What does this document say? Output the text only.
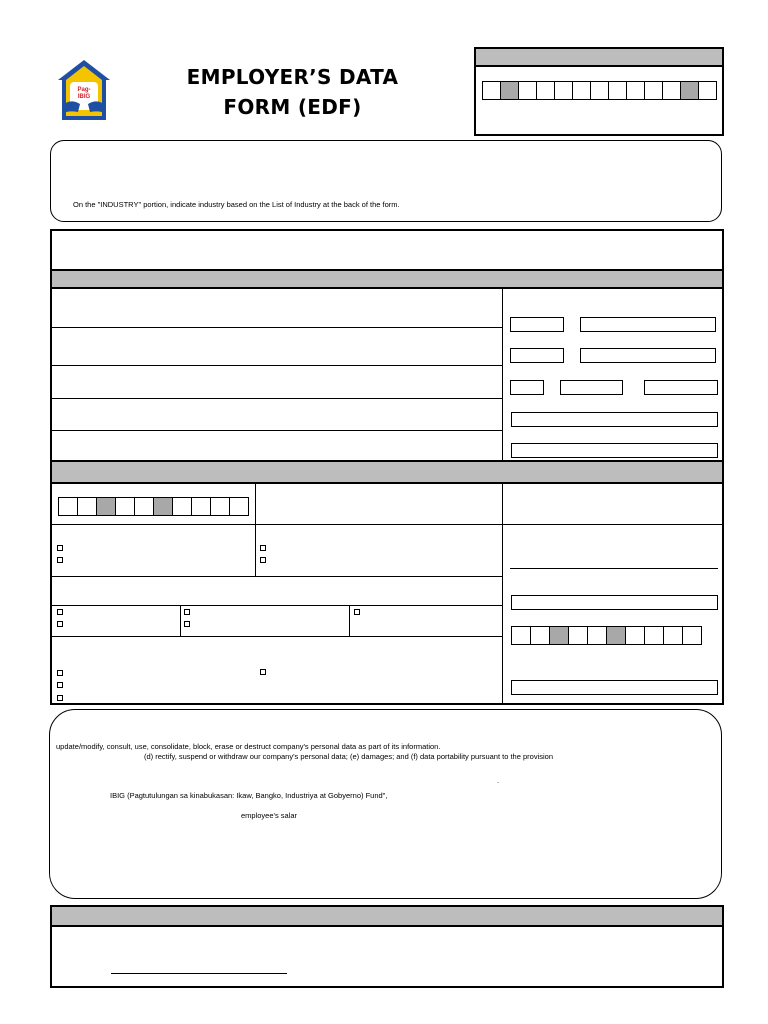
Pag-
IBIG
EMPLOYER’S DATA
FORM (EDF)
On the "INDUSTRY" portion, indicate industry based on the List of Industry at the back of the form.
update/modify, consult, use, consolidate, block, erase or destruct company's personal data as part of its information.
(d) rectify, suspend or withdraw our company's personal data; (e) damages; and (f) data portability pursuant to the provision
.
IBIG (Pagtutulungan sa kinabukasan: Ikaw, Bangko, Industriya at Gobyerno) Fund",
employee's salar
